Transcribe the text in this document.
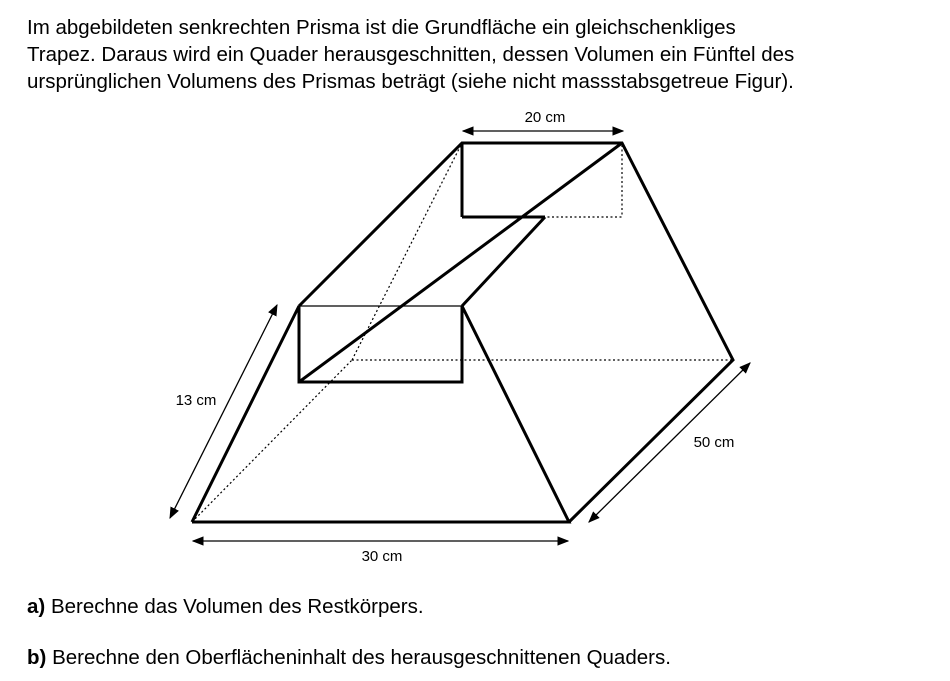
Im abgebildeten senkrechten Prisma ist die Grundfläche ein gleichschenkliges
Trapez. Daraus wird ein Quader herausgeschnitten, dessen Volumen ein Fünftel des
ursprünglichen Volumens des Prismas beträgt (siehe nicht massstabsgetreue Figur).
20 cm
13 cm
50 cm
30 cm

a) Berechne das Volumen des Restkörpers.

b) Berechne den Oberflächeninhalt des herausgeschnittenen Quaders.
